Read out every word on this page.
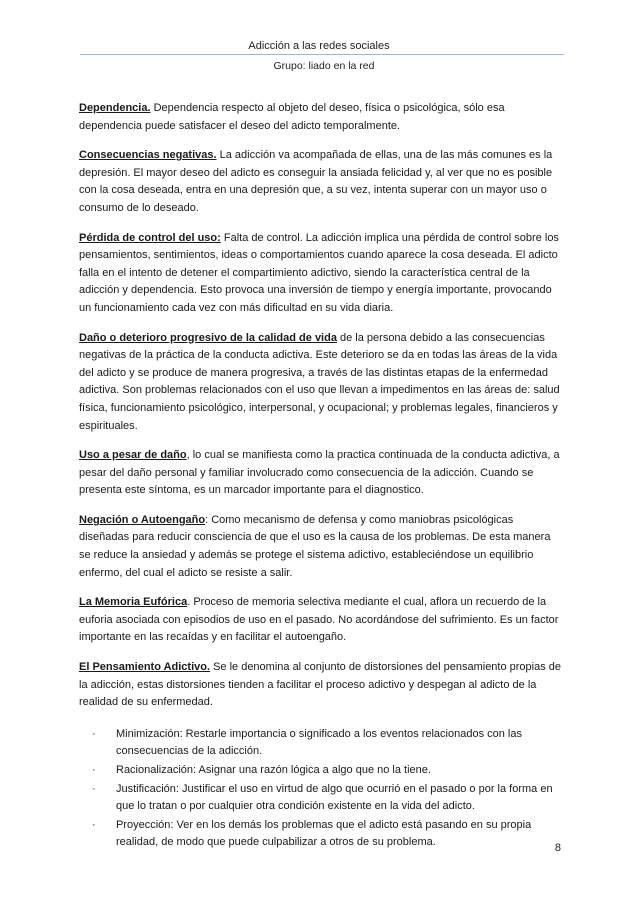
Adicción a las redes sociales
Grupo: liado en la red

Dependencia. Dependencia respecto al objeto del deseo, física o psicológica, sólo esa dependencia puede satisfacer el deseo del adicto temporalmente.

Consecuencias negativas. La adicción va acompañada de ellas, una de las más comunes es la depresión. El mayor deseo del adicto es conseguir la ansiada felicidad y, al ver que no es posible con la cosa deseada, entra en una depresión que, a su vez, intenta superar con un mayor uso o consumo de lo deseado.

Pérdida de control del uso: Falta de control. La adicción implica una pérdida de control sobre los pensamientos, sentimientos, ideas o comportamientos cuando aparece la cosa deseada. El adicto falla en el intento de detener el compartimiento adictivo, siendo la característica central de la adicción y dependencia. Esto provoca una inversión de tiempo y energía importante, provocando un funcionamiento cada vez con más dificultad en su vida diaria.

Daño o deterioro progresivo de la calidad de vida de la persona debido a las consecuencias negativas de la práctica de la conducta adictiva. Este deterioro se da en todas las áreas de la vida del adicto y se produce de manera progresiva, a través de las distintas etapas de la enfermedad adictiva. Son problemas relacionados con el uso que llevan a impedimentos en las áreas de: salud física, funcionamiento psicológico, interpersonal, y ocupacional; y problemas legales, financieros y espirituales.

Uso a pesar de daño, lo cual se manifiesta como la practica continuada de la conducta adictiva, a pesar del daño personal y familiar involucrado como consecuencia de la adicción. Cuando se presenta este síntoma, es un marcador importante para el diagnostico.

Negación o Autoengaño: Como mecanismo de defensa y como maniobras psicológicas diseñadas para reducir consciencia de que el uso es la causa de los problemas. De esta manera se reduce la ansiedad y además se protege el sistema adictivo, estableciéndose un equilibrio enfermo, del cual el adicto se resiste a salir.

La Memoria Eufórica. Proceso de memoria selectiva mediante el cual, aflora un recuerdo de la euforia asociada con episodios de uso en el pasado. No acordándose del sufrimiento. Es un factor importante en las recaídas y en facilitar el autoengaño.

El Pensamiento Adictivo. Se le denomina al conjunto de distorsiones del pensamiento propias de la adicción, estas distorsiones tienden a facilitar el proceso adictivo y despegan al adicto de la realidad de su enfermedad.

· Minimización: Restarle importancia o significado a los eventos relacionados con las consecuencias de la adicción.
· Racionalización: Asignar una razón lógica a algo que no la tiene.
· Justificación: Justificar el uso en virtud de algo que ocurrió en el pasado o por la forma en que lo tratan o por cualquier otra condición existente en la vida del adicto.
· Proyección: Ver en los demás los problemas que el adicto está pasando en su propia realidad, de modo que puede culpabilizar a otros de su problema.	8
